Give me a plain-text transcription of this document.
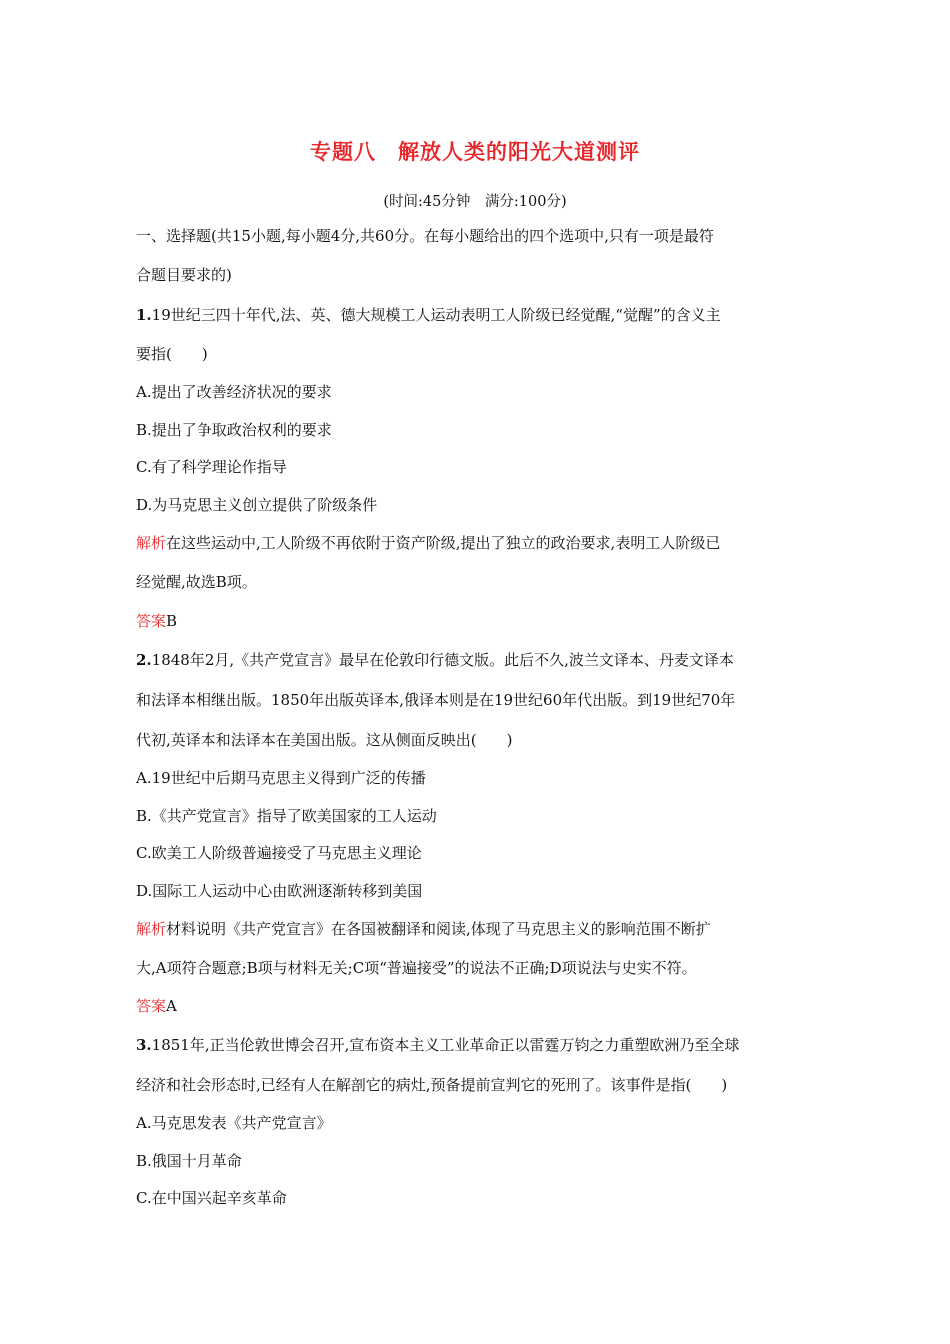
专题八　解放人类的阳光大道测评
(时间:45分钟　满分:100分)
一、选择题(共15小题,每小题4分,共60分。在每小题给出的四个选项中,只有一项是最符
合题目要求的)
1.19世纪三四十年代,法、英、德大规模工人运动表明工人阶级已经觉醒,“觉醒”的含义主
要指(　　)
A.提出了改善经济状况的要求
B.提出了争取政治权利的要求
C.有了科学理论作指导
D.为马克思主义创立提供了阶级条件
解析在这些运动中,工人阶级不再依附于资产阶级,提出了独立的政治要求,表明工人阶级已
经觉醒,故选B项。
答案B
2.1848年2月,《共产党宣言》最早在伦敦印行德文版。此后不久,波兰文译本、丹麦文译本
和法译本相继出版。1850年出版英译本,俄译本则是在19世纪60年代出版。到19世纪70年
代初,英译本和法译本在美国出版。这从侧面反映出(　　)
A.19世纪中后期马克思主义得到广泛的传播
B.《共产党宣言》指导了欧美国家的工人运动
C.欧美工人阶级普遍接受了马克思主义理论
D.国际工人运动中心由欧洲逐渐转移到美国
解析材料说明《共产党宣言》在各国被翻译和阅读,体现了马克思主义的影响范围不断扩
大,A项符合题意;B项与材料无关;C项“普遍接受”的说法不正确;D项说法与史实不符。
答案A
3.1851年,正当伦敦世博会召开,宣布资本主义工业革命正以雷霆万钧之力重塑欧洲乃至全球
经济和社会形态时,已经有人在解剖它的病灶,预备提前宣判它的死刑了。该事件是指(　　)
A.马克思发表《共产党宣言》
B.俄国十月革命
C.在中国兴起辛亥革命
